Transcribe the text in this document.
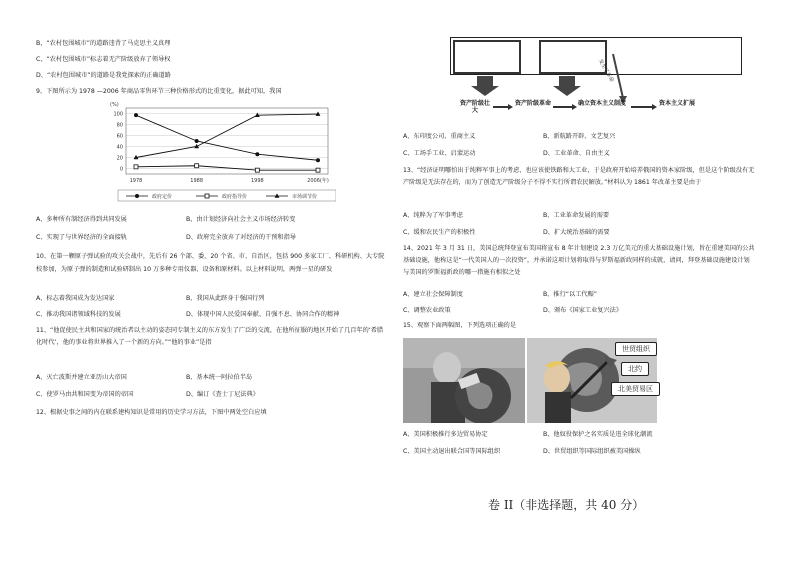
B、“农村包围城市”的道路违背了马克思主义真理
C、“农村包围城市”标志着无产阶级放弃了领导权
D、“农村包围城市”的道路是我党探索的正确道路
9、下图所示为 1978 —2006 年商品零售环节三种价格形式的比重变化，据此可知，我国
0
20
40
60
80
100
(%)
1978	1988	1998	2006(年)
政府定价	政府指导价	市场调节价
A、多种所有制经济得到共同发展	B、由计划经济向社会主义市场经济转变
C、实现了与世界经济的全面接轨	D、政府完全放弃了对经济的干预和指导
10、在第一颗原子弹试验的攻关会战中，先后有 26 个部、委，20 个省、市、自治区，包括 900 多家工厂、科研机构、大专院校参加，为原子弹的制造和试验研制出 10 万多种专用仪器、设备和原材料。以上材料说明，两弹一星的研发
A、标志着我国成为发达国家	B、我国从此跻身于强国行列
C、推动我国诸领域科技的发展	D、体现中国人民爱国奉献、自强不息、协同合作的精神
11、“他促使民主共和国家的统治者以主动的姿态同专制主义的东方发生了广泛的交流，在他所征服的地区开始了几百年的‘希腊化时代’，他的事业将世界推入了一个新的方向。”“他的事业”是指
A、灭亡波斯并建立亚历山大帝国	B、基本统一阿拉伯半岛
C、使罗马由共和国变为帝国的帝国	D、编订《查士丁尼法典》
12、根据史事之间的内在联系建构知识是常用的历史学习方法，下图中两处空白应填
发生了革命
资产阶级壮大
资产阶级革命	确立资本主义制度	资本主义扩展
A、东印度公司、重商主义	B、新航路开辟、文艺复兴
C、工场手工业、启蒙运动	D、工业革命、自由主义
13、“经济证明哪怕出于纯粹军事上的考虑，也应该使铁路和大工业，于是政府开始培养俄国的资本家阶级，但是这个阶级没有无产阶级是无法存在的，而为了创造无产阶级分子不得不实行所谓农民解放。”材料认为 1861 年改革主要是由于
A、纯粹为了军事考虑	B、工业革命发展的需要
C、缓和农民生产的积极性	D、扩大统治基础的需要
14、2021 年 3 月 31 日，美国总统拜登宣布美国将宣布 8 年计划建设 2.3 万亿美元的重大基础设施计划，旨在重建美国的公共基础设施，他称这是“一代美国人的一次投资”，并承诺这项计划将取得与罗斯福新政同样的成就，请问，拜登基础设施建设计划与美国的罗斯福新政的哪一措施有相似之处
A、建立社会保障制度	B、推行“以工代赈”
C、调整农业政策	D、颁布《国家工业复兴法》
15、观察下面两幅图，下列选项正确的是
世贸组织
北约
北美贸易区
A、美国积极推行多边贸易协定	B、他奴役保护之名实质是违全球化潮流
C、美国主动退出联合国等国际组织	D、世贸组织等国际组织被美国操纵
卷 II（非选择题，共 40 分）
